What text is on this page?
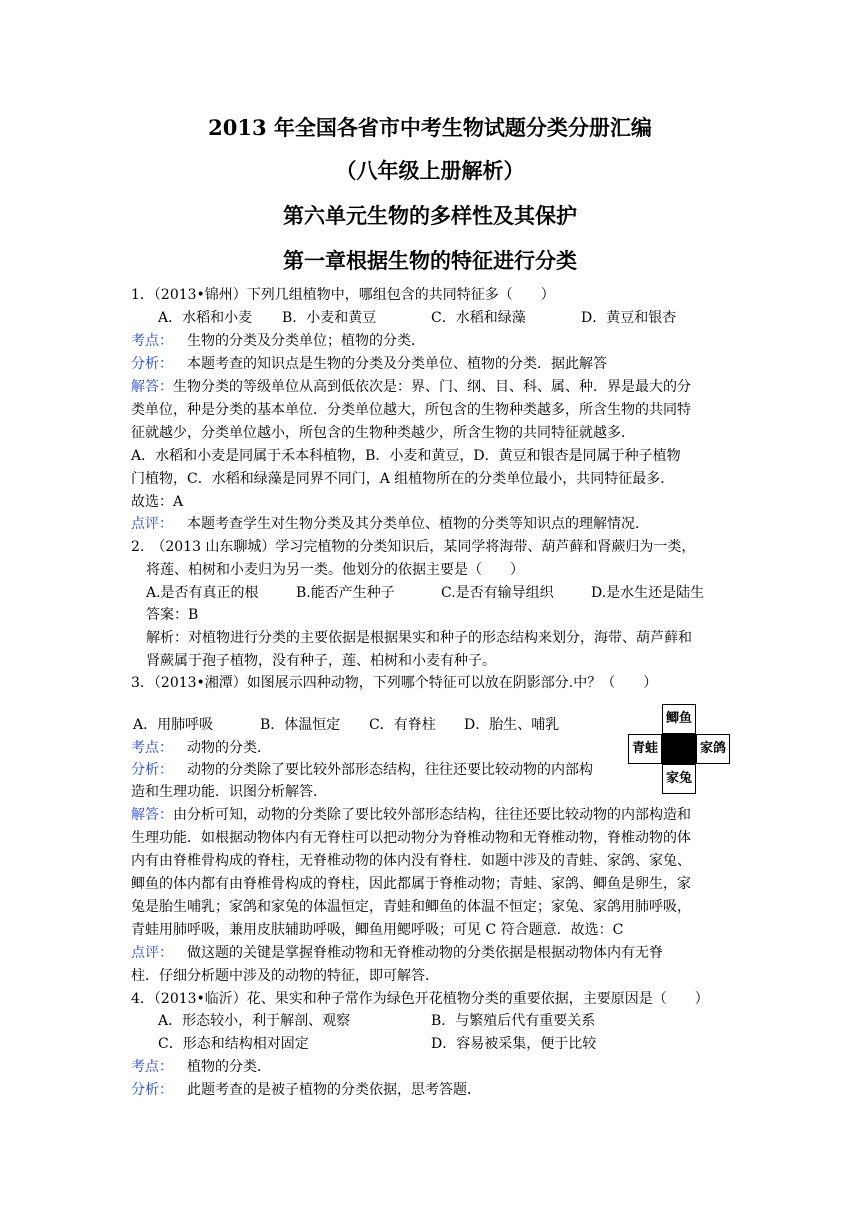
2013 年全国各省市中考生物试题分类分册汇编
（八年级上册解析）
第六单元生物的多样性及其保护
第一章根据生物的特征进行分类
1．（2013•锦州）下列几组植物中，哪组包含的共同特征多（　　）
A．水稻和小麦 B．小麦和黄豆	C．水稻和绿藻	D．黄豆和银杏
考点： 生物的分类及分类单位；植物的分类．
分析： 本题考查的知识点是生物的分类及分类单位、植物的分类．据此解答
解答：生物分类的等级单位从高到低依次是：界、门、纲、目、科、属、种．界是最大的分
类单位，种是分类的基本单位．分类单位越大，所包含的生物种类越多，所含生物的共同特
征就越少，分类单位越小，所包含的生物种类越少，所含生物的共同特征就越多．
A．水稻和小麦是同属于禾本科植物，B．小麦和黄豆，D．黄豆和银杏是同属于种子植物
门植物，C．水稻和绿藻是同界不同门，A 组植物所在的分类单位最小，共同特征最多．
故选：A
点评： 本题考查学生对生物分类及其分类单位、植物的分类等知识点的理解情况．
2.　（2013 山东聊城）学习完植物的分类知识后，某同学将海带、葫芦藓和肾蕨归为一类，
将莲、柏树和小麦归为另一类。他划分的依据主要是（　　）
A.是否有真正的根	B.能否产生种子	C.是否有输导组织	D.是水生还是陆生
答案：B
解析：对植物进行分类的主要依据是根据果实和种子的形态结构来划分，海带、葫芦藓和
肾蕨属于孢子植物，没有种子，莲、柏树和小麦有种子。
3．（2013•湘潭）如图展示四种动物，下列哪个特征可以放在阴影部分.中？（　　）
A．用肺呼吸	B．体温恒定 C．有脊柱 D．胎生、哺乳	鲫鱼
青蛙	家鸽
家兔
考点： 动物的分类．
分析： 动物的分类除了要比较外部形态结构，往往还要比较动物的内部构
造和生理功能．识图分析解答．
解答：由分析可知，动物的分类除了要比较外部形态结构，往往还要比较动物的内部构造和
生理功能．如根据动物体内有无脊柱可以把动物分为脊椎动物和无脊椎动物，脊椎动物的体
内有由脊椎骨构成的脊柱，无脊椎动物的体内没有脊柱．如题中涉及的青蛙、家鸽、家兔、
鲫鱼的体内都有由脊椎骨构成的脊柱，因此都属于脊椎动物；青蛙、家鸽、鲫鱼是卵生，家
兔是胎生哺乳；家鸽和家兔的体温恒定，青蛙和鲫鱼的体温不恒定；家兔、家鸽用肺呼吸，
青蛙用肺呼吸，兼用皮肤辅助呼吸，鲫鱼用鳃呼吸；可见 C 符合题意．故选：C
点评： 做这题的关键是掌握脊椎动物和无脊椎动物的分类依据是根据动物体内有无脊
柱．仔细分析题中涉及的动物的特征，即可解答．
4．（2013•临沂）花、果实和种子常作为绿色开花植物分类的重要依据，主要原因是（　　）
A．形态较小，利于解剖、观察	B．与繁殖后代有重要关系
C．形态和结构相对固定	D．容易被采集，便于比较
考点： 植物的分类．
分析： 此题考查的是被子植物的分类依据，思考答题．
